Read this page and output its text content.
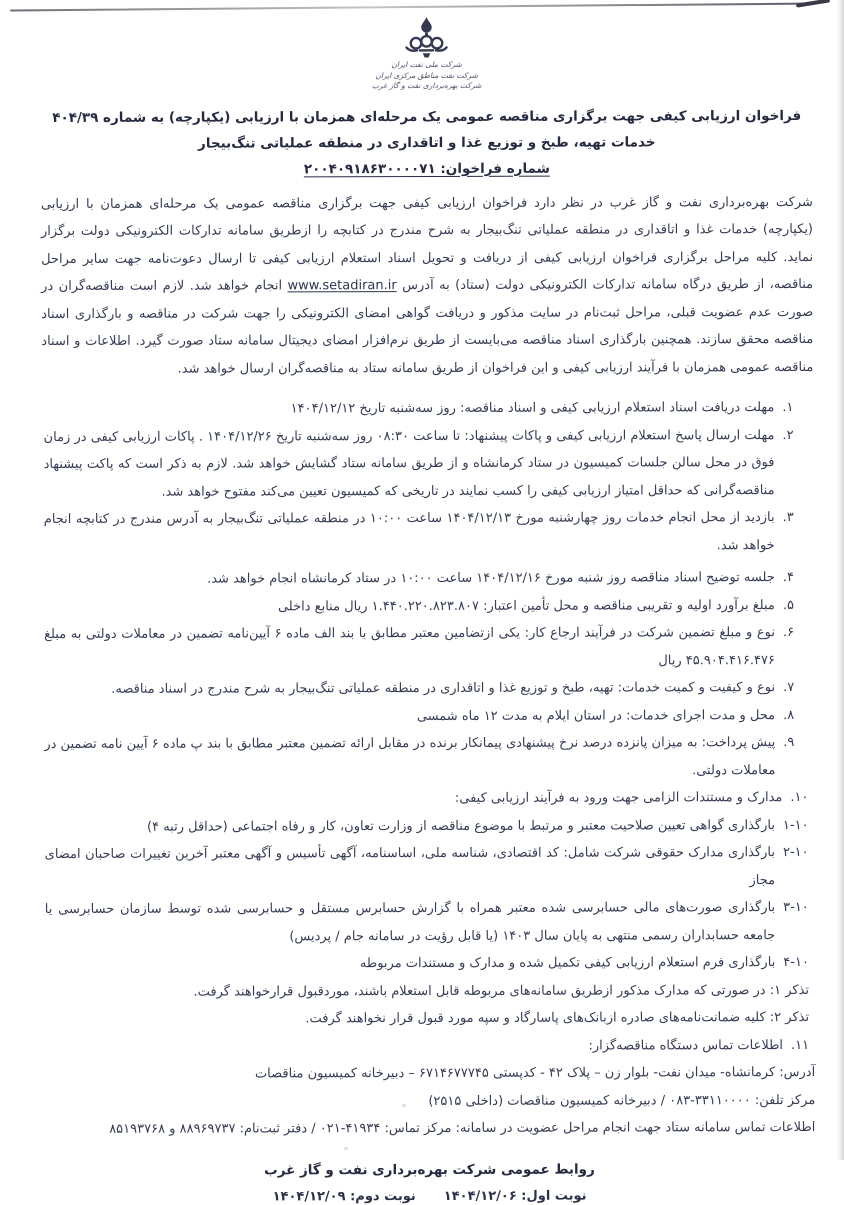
شرکت ملی نفت ایران
شرکت نفت مناطق مرکزی ایران
شرکت بهره‌برداری نفت و گاز غرب
فراخوان ارزیابی کیفی جهت برگزاری مناقصه عمومی یک مرحله‌ای همزمان با ارزیابی (یکپارچه) به شماره ۴۰۴/۳۹
خدمات تهیه، طبخ و توزیع غذا و اتاقداری در منطقه عملیاتی تنگ‌بیجار
شماره فراخوان: ۲۰۰۴۰۹۱۸۶۳۰۰۰۰۷۱

شرکت بهره‌برداری نفت و گاز غرب در نظر دارد فراخوان ارزیابی کیفی جهت برگزاری مناقصه عمومی یک مرحله‌ای همزمان با ارزیابی (یکپارچه) خدمات غذا و اتاقداری در منطقه عملیاتی تنگ‌بیجار به شرح مندرج در کتابچه را ازطریق سامانه تدارکات الکترونیکی دولت برگزار نماید. کلیه مراحل برگزاری فراخوان ارزیابی کیفی از دریافت و تحویل اسناد استعلام ارزیابی کیفی تا ارسال دعوت‌نامه جهت سایر مراحل مناقصه، از طریق درگاه سامانه تدارکات الکترونیکی دولت (ستاد) به آدرس www.setadiran.ir انجام خواهد شد. لازم است مناقصه‌گران در صورت عدم عضویت قبلی، مراحل ثبت‌نام در سایت مذکور و دریافت گواهی امضای الکترونیکی را جهت شرکت در مناقصه و بارگذاری اسناد مناقصه محقق سازند. همچنین بارگذاری اسناد مناقصه می‌بایست از طریق نرم‌افزار امضای دیجیتال سامانه ستاد صورت گیرد. اطلاعات و اسناد مناقصه عمومی همزمان با فرآیند ارزیابی کیفی و این فراخوان از طریق سامانه ستاد به مناقصه‌گران ارسال خواهد شد.

۱.
مهلت دریافت اسناد استعلام ارزیابی کیفی و اسناد مناقصه: روز سه‌شنبه تاریخ ۱۴۰۴/۱۲/۱۲
۲.
مهلت ارسال پاسخ استعلام ارزیابی کیفی و پاکات پیشنهاد: تا ساعت ۰۸:۳۰ روز سه‌شنبه تاریخ ۱۴۰۴/۱۲/۲۶ . پاکات ارزیابی کیفی در زمان فوق در محل سالن جلسات کمیسیون در ستاد کرمانشاه و از طریق سامانه ستاد گشایش خواهد شد. لازم به ذکر است که پاکت پیشنهاد مناقصه‌گرانی که حداقل امتیاز ارزیابی کیفی را کسب نمایند در تاریخی که کمیسیون تعیین می‌کند مفتوح خواهد شد.
۳.
بازدید از محل انجام خدمات روز چهارشنبه مورخ ۱۴۰۴/۱۲/۱۳ ساعت ۱۰:۰۰ در منطقه عملیاتی تنگ‌بیجار به آدرس مندرج در کتابچه انجام خواهد شد.
۴.
جلسه توضیح اسناد مناقصه روز شنبه مورخ ۱۴۰۴/۱۲/۱۶ ساعت ۱۰:۰۰ در ستاد کرمانشاه انجام خواهد شد.
۵.
مبلغ برآورد اولیه و تقریبی مناقصه و محل تأمین اعتبار: ۱.۴۴۰.۲۲۰.۸۲۳.۸۰۷ ریال منابع داخلی
۶.
نوع و مبلغ تضمین شرکت در فرآیند ارجاع کار: یکی ازتضامین معتبر مطابق با بند الف ماده ۶ آیین‌نامه تضمین در معاملات دولتی به مبلغ ۴۵.۹۰۴.۴۱۶.۴۷۶ ریال
۷.
نوع و کیفیت و کمیت خدمات: تهیه، طبخ و توزیع غذا و اتاقداری در منطقه عملیاتی تنگ‌بیجار به شرح مندرج در اسناد مناقصه.
۸.
محل و مدت اجرای خدمات: در استان ایلام به مدت ۱۲ ماه شمسی
۹.
پیش پرداخت: به میزان پانزده درصد نرخ پیشنهادی پیمانکار برنده در مقابل ارائه تضمین معتبر مطابق با بند پ ماده ۶ آیین نامه تضمین در معاملات دولتی.
۱۰.
مدارک و مستندات الزامی جهت ورود به فرآیند ارزیابی کیفی:
۱-۱۰
بارگذاری گواهی تعیین صلاحیت معتبر و مرتبط با موضوع مناقصه از وزارت تعاون، کار و رفاه اجتماعی (حداقل رتبه ۴)
۲-۱۰
بارگذاری مدارک حقوقی شرکت شامل: کد اقتصادی، شناسه ملی، اساسنامه، آگهی تأسیس و آگهی معتبر آخرین تغییرات صاحبان امضای مجاز
۳-۱۰
بارگذاری صورت‌های مالی حسابرسی شده معتبر همراه با گزارش حسابرس مستقل و حسابرسی شده توسط سازمان حسابرسی یا جامعه حسابداران رسمی منتهی به پایان سال ۱۴۰۳ (یا قابل رؤیت در سامانه جام / پردیس)
۴-۱۰
بارگذاری فرم استعلام ارزیابی کیفی تکمیل شده و مدارک و مستندات مربوطه
تذکر ۱: در صورتی که مدارک مذکور ازطریق سامانه‌های مربوطه قابل استعلام باشند، موردقبول قرارخواهند گرفت.
تذکر ۲: کلیه ضمانت‌نامه‌های صادره ازبانک‌های پاسارگاد و سپه مورد قبول قرار نخواهند گرفت.
۱۱.
اطلاعات تماس دستگاه مناقصه‌گزار:
آدرس: کرمانشاه- میدان نفت- بلوار زن – پلاک ۴۲ - کدپستی ۶۷۱۴۶۷۷۷۴۵ – دبیرخانه کمیسیون مناقصات
مرکز تلفن: ۳۳۱۱۰۰۰۰-۰۸۳ / دبیرخانه کمیسیون مناقصات (داخلی ۲۵۱۵)
اطلاعات تماس سامانه ستاد جهت انجام مراحل عضویت در سامانه: مرکز تماس: ۴۱۹۳۴-۰۲۱ / دفتر ثبت‌نام: ۸۸۹۶۹۷۳۷ و ۸۵۱۹۳۷۶۸
روابط عمومی شرکت بهره‌برداری نفت و گاز غرب
نوبت اول: ۱۴۰۴/۱۲/۰۶
نوبت دوم: ۱۴۰۴/۱۲/۰۹
